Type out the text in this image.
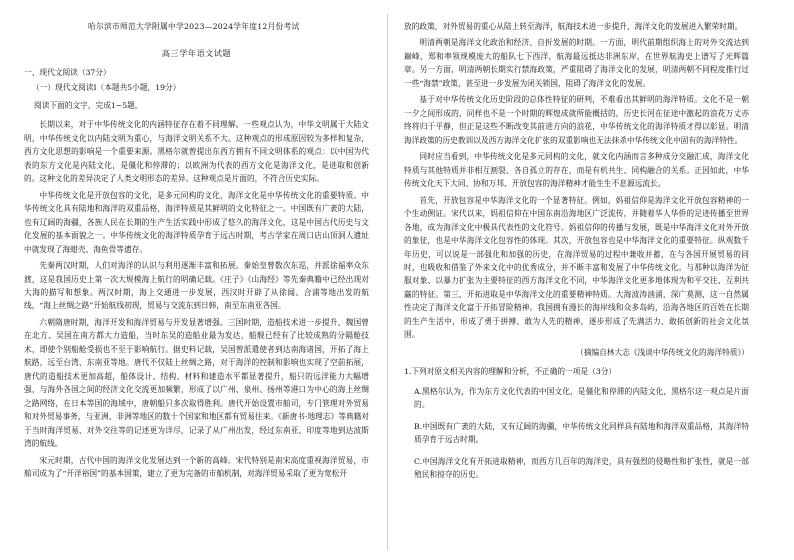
哈尔滨市师范大学附属中学2023—2024学年度12月份考试
高三学年语文试题
一、现代文阅读（37分）
（一）现代文阅读Ⅰ（本题共5小题，19分）
阅读下面的文字，完成1~5题。

长期以来，对于中华传统文化的内涵特征存在着不同理解。一些观点认为，中华文明属于大陆文明，中华传统文化以内陆文明为重心，与海洋文明关系不大。这种观点的形成原因较为多样和复杂，西方文化思想的影响是一个重要来源。黑格尔就曾提出东西方拥有不同文明体系的观点：以中国为代表的东方文化是内陆文化，是僵化和停滞的；以欧洲为代表的西方文化是海洋文化，是进取和创新的。这种文化的差异决定了人类文明形态的差异。这种观点是片面的，不符合历史实际。

中华传统文化是开放包容的文化，是多元同构的文化，海洋文化是中华传统文化的重要特质。中华传统文化具有陆地和海洋的双重品格，海洋特质是其鲜明的文化特征之一。中国既有广袤的大陆，也有辽阔的海疆，各族人民在长期的生产生活实践中形成了悠久的海洋文化，这是中国古代历史与文化发展的基本面貌之一。中华传统文化的海洋特质孕育于远古时期，考古学家在周口店山顶洞人遗址中就发现了海蚶壳、海鱼骨等遗存。

先秦两汉时期，人们对海洋的认识与利用逐渐丰富和拓展。秦始皇曾数次东巡，并派徐福率众东渡，这是我国历史上第一次大规模海上航行的明确记载。《庄子》《山海经》等先秦典籍中已经出现对大海的描写和想象。两汉时期，海上交通进一步发展，西汉时开辟了从徐闻、合浦等地出发的航线，“海上丝绸之路”开始航线初现，贸易与交流东到日韩，南至东南亚各国。

六朝隋唐时期，海洋开发和海洋贸易与开发显著增强。三国时期，造船技术进一步提升，魏国曾在北方、吴国在南方都大力造船，当时东吴的造船业最为发达，船舰已经有了比较成熟的分隔舱技术，即使个别船舱受损也不至于影响航行。据史料记载，吴国曾派遣使者到达南海诸国，开拓了海上航路，远至台湾、东南亚等地。唐代不仅陆上丝绸之路，对于海洋的控制和影响也实现了空前拓展，唐代的造船技术更加高超，船体设计、结构、材料和建造水平都显著提升，船只的远洋能力大幅增强，与海外各国之间的经济文化交流更加频繁，形成了以广州、泉州、扬州等港口为中心的海上丝绸之路网络，在日本等国的海域中，唐朝船只多次取得胜利。唐代开始设置市舶司，专门管理对外贸易和对外贸易事务，与亚洲、非洲等地区的数十个国家和地区都有贸易往来。《新唐书·地理志》等典籍对于当时海洋贸易、对外交往等的记述更为详尽，记录了从广州出发，经过东南亚、印度等地到达波斯湾的航线。

宋元时期，古代中国的海洋文化发展达到一个新的高峰。宋代特别是南宋高度重视海洋贸易，市舶司成为了“开洋裕国”的基本国策，建立了更为完备的市舶机制，对海洋贸易采取了更为宽松开

放的政策，对外贸易的重心从陆上转至海洋，航海技术进一步提升，海洋文化的发展进入繁荣时期。

明清两朝是海洋文化政治和经济、自折发展的时期。一方面，明代前期组织海上的对外交流达到巅峰，郑和率领规模庞大的船队七下西洋，航海最远抵达非洲东岸，在世界航海史上谱写了光辉篇章。另一方面，明清两朝长期实行禁海政策，严重阻碍了海洋文化的发展，明清两朝不同程度推行过一些“海禁”政策，甚至进一步发展为闭关锁国，阻碍了海洋文化的发展。

基于对中华传统文化历史阶段的总体性特征的研判，不难看出其鲜明的海洋特质。文化不是一朝一夕之间形成的，同样也不是一个时期的辉煌成就所能概括的，历史长河在征途中激起的浪花万丈亦终将归于平静，但正是这些不断改变其前进方向的浪花，中华传统文化的海洋特质才得以彰显。明清海洋政策的历史教训以及西方海洋文化扩张的双重影响也无法抹杀中华传统文化中固有的海洋特性。

同时应当看到，中华传统文化是多元同构的文化，就文化内涵而言多种成分交融汇成，海洋文化特质与其他特质并非相互割裂、各自孤立的存在，而是有机共生、同构融合的关系。正因如此，中华传统文化天下大同、协和万邦、开放包容的海洋精神才能生生不息源远流长。

首先，开放包容是中华海洋文化的一个显著特征。例如，妈祖信仰是海洋文化开放包容精神的一个生动例证。宋代以来，妈祖信仰在中国东南沿海地区广泛流传，并随着华人华侨的足迹传播至世界各地，成为海洋文化中极具代表性的文化符号。妈祖信仰的传播与发展，既是中华海洋文化对外开放的象征，也是中华海洋文化包容性的体现。其次，开放包容也是中华海洋文化的重要特征。纵观数千年历史，可以说是一部强化和加强的历史，在海洋贸易的过程中兼收并蓄，在与各国开展贸易的同时，也吸收和借鉴了外来文化中的优秀成分，并不断丰富和发展了中华传统文化。与那种以海洋为征服对象、以暴力扩张为主要特征的西方海洋文化不同，中华海洋文化更多地体现为和平交往、互利共赢的特征。第三，开拓进取是中华海洋文化的重要精神特质。大海波涛汹涌，深广莫测，这一自然属性决定了海洋文化富于开拓冒险精神。我国拥有漫长的海岸线和众多岛屿，沿海各地区的百姓在长期的生产生活中，形成了勇于拼搏、敢为人先的精神，逐步形成了先满活力、敢拓创新的社会文化氛围。

（摘编自林大志《浅谈中华传统文化的海洋特质》）
1.下列对原文相关内容的理解和分析，不正确的一项是（3分）
A.黑格尔认为，作为东方文化代表的中国文化，是僵化和停滞的内陆文化，黑格尔这一观点是片面的。
B.中国既有广袤的大陆，又有辽阔的海疆，中华传统文化同样具有陆地和海洋双重品格，其海洋特质孕育于远古时期。
C.中国海洋文化有开拓进取精神，而西方几百年的海洋史，具有强烈的侵略性和扩张性，就是一部殖民和掠夺的历史。
